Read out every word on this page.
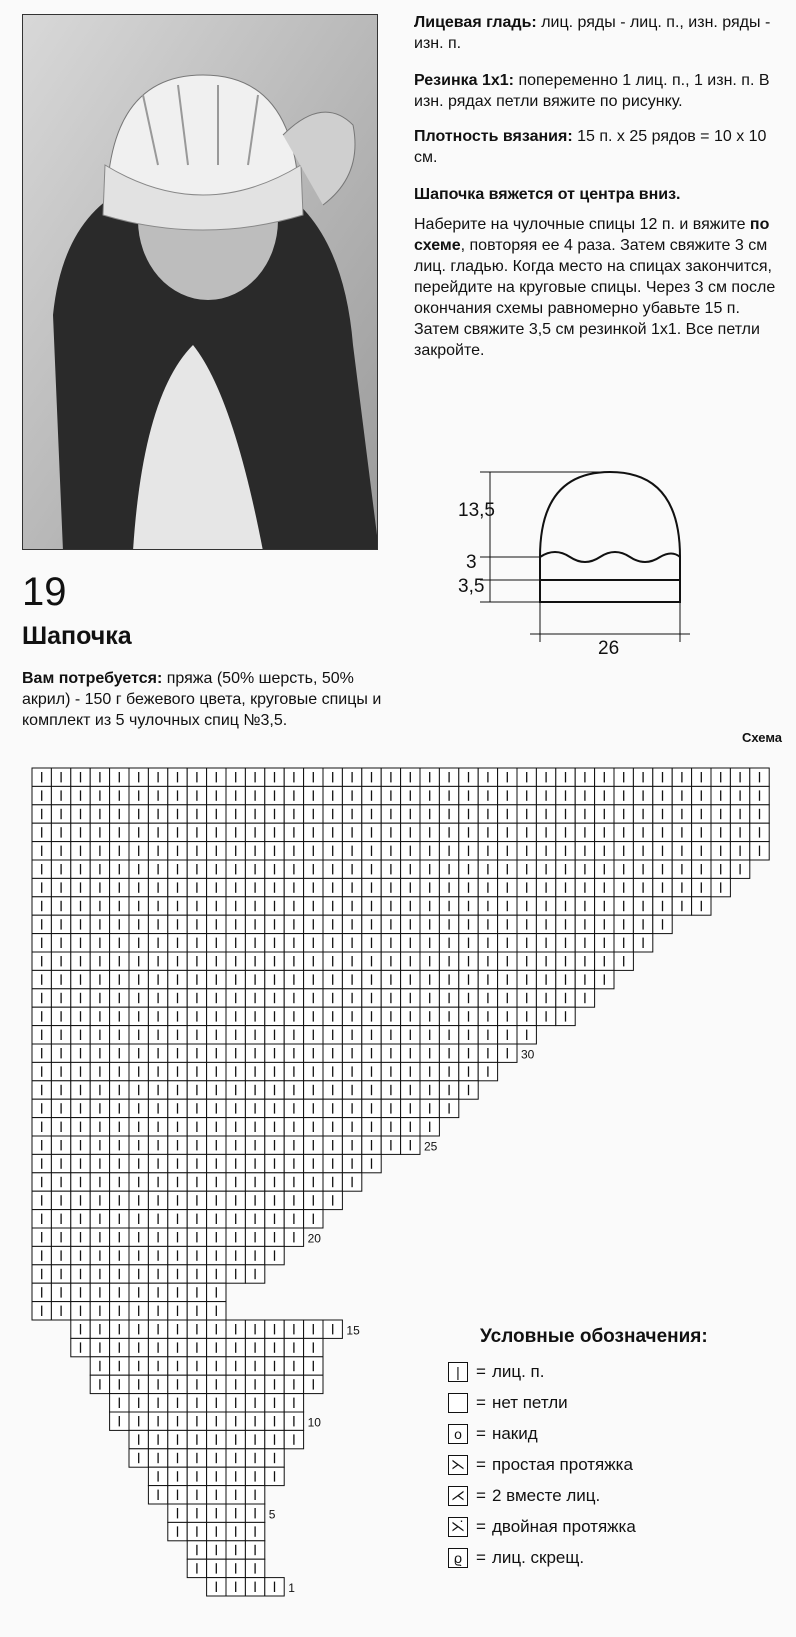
Лицевая гладь: лиц. ряды - лиц. п., изн. ряды - изн. п.
Резинка 1х1: попеременно 1 лиц. п., 1 изн. п. В изн. рядах петли вяжите по рисунку.
Плотность вязания: 15 п. х 25 рядов = 10 х 10 см.
Шапочка вяжется от центра вниз.
Наберите на чулочные спицы 12 п. и вяжите по схеме, повторяя ее 4 раза. Затем свяжите 3 см лиц. гладью. Когда место на спицах закончится, перейдите на круговые спицы. Через 3 см после окончания схемы равномерно убавьте 15 п. Затем свяжите 3,5 см резинкой 1х1. Все петли закройте.
19
Шапочка
Вам потребуется: пряжа (50% шерсть, 50% акрил) - 150 г бежевого цвета, круговые спицы и комплект из 5 чулочных спиц №3,5.
13,5
3
3,5
26
Схема
30
25
20
15
10
5
1
Условные обозначения:
| = лиц. п.
= нет петли
o = накид
⋋ = простая протяжка
⋌ = 2 вместе лиц.
⋋̇ = двойная протяжка
ϱ = лиц. скрещ.
